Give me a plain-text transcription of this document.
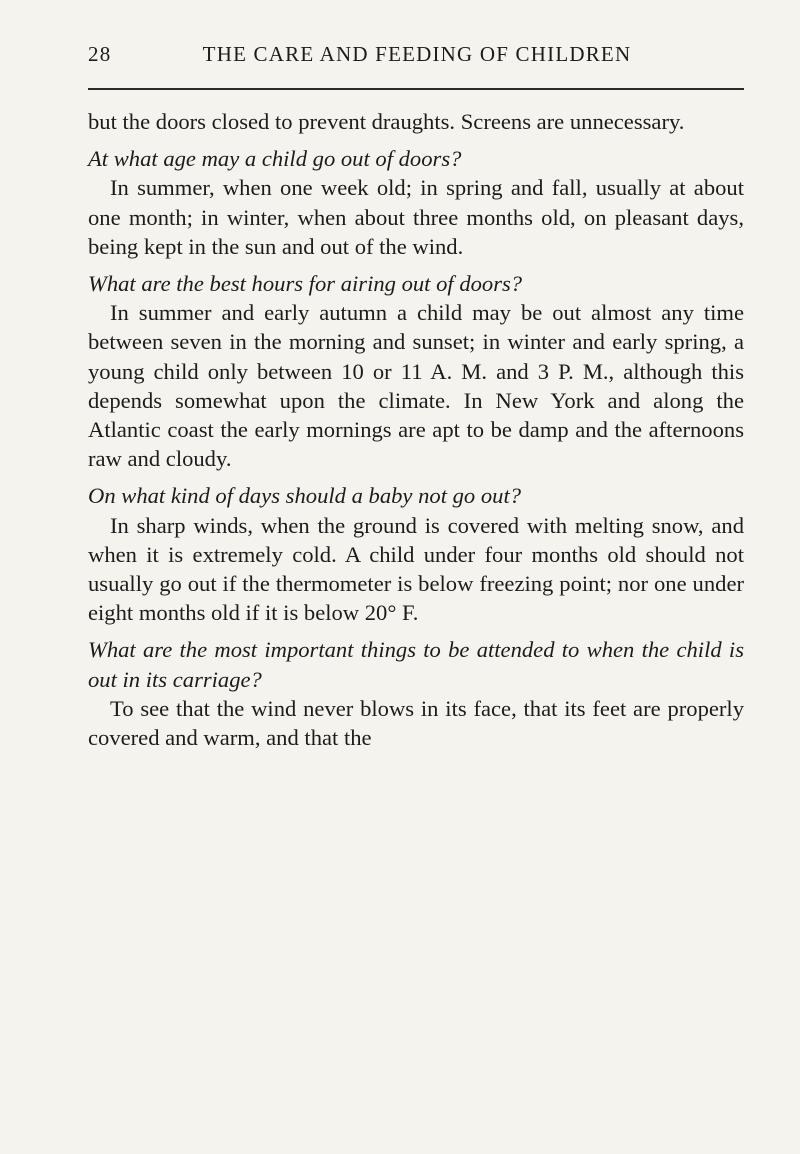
28	THE CARE AND FEEDING OF CHILDREN

but the doors closed to prevent draughts. Screens are unnecessary.

At what age may a child go out of doors?

In summer, when one week old; in spring and fall, usually at about one month; in winter, when about three months old, on pleasant days, being kept in the sun and out of the wind.

What are the best hours for airing out of doors?

In summer and early autumn a child may be out almost any time between seven in the morning and sunset; in winter and early spring, a young child only between 10 or 11 A. M. and 3 P. M., although this depends somewhat upon the climate. In New York and along the Atlantic coast the early mornings are apt to be damp and the afternoons raw and cloudy.

On what kind of days should a baby not go out?

In sharp winds, when the ground is covered with melting snow, and when it is extremely cold. A child under four months old should not usually go out if the thermometer is below freezing point; nor one under eight months old if it is below 20° F.

What are the most important things to be attended to when the child is out in its carriage?

To see that the wind never blows in its face, that its feet are properly covered and warm, and that the
